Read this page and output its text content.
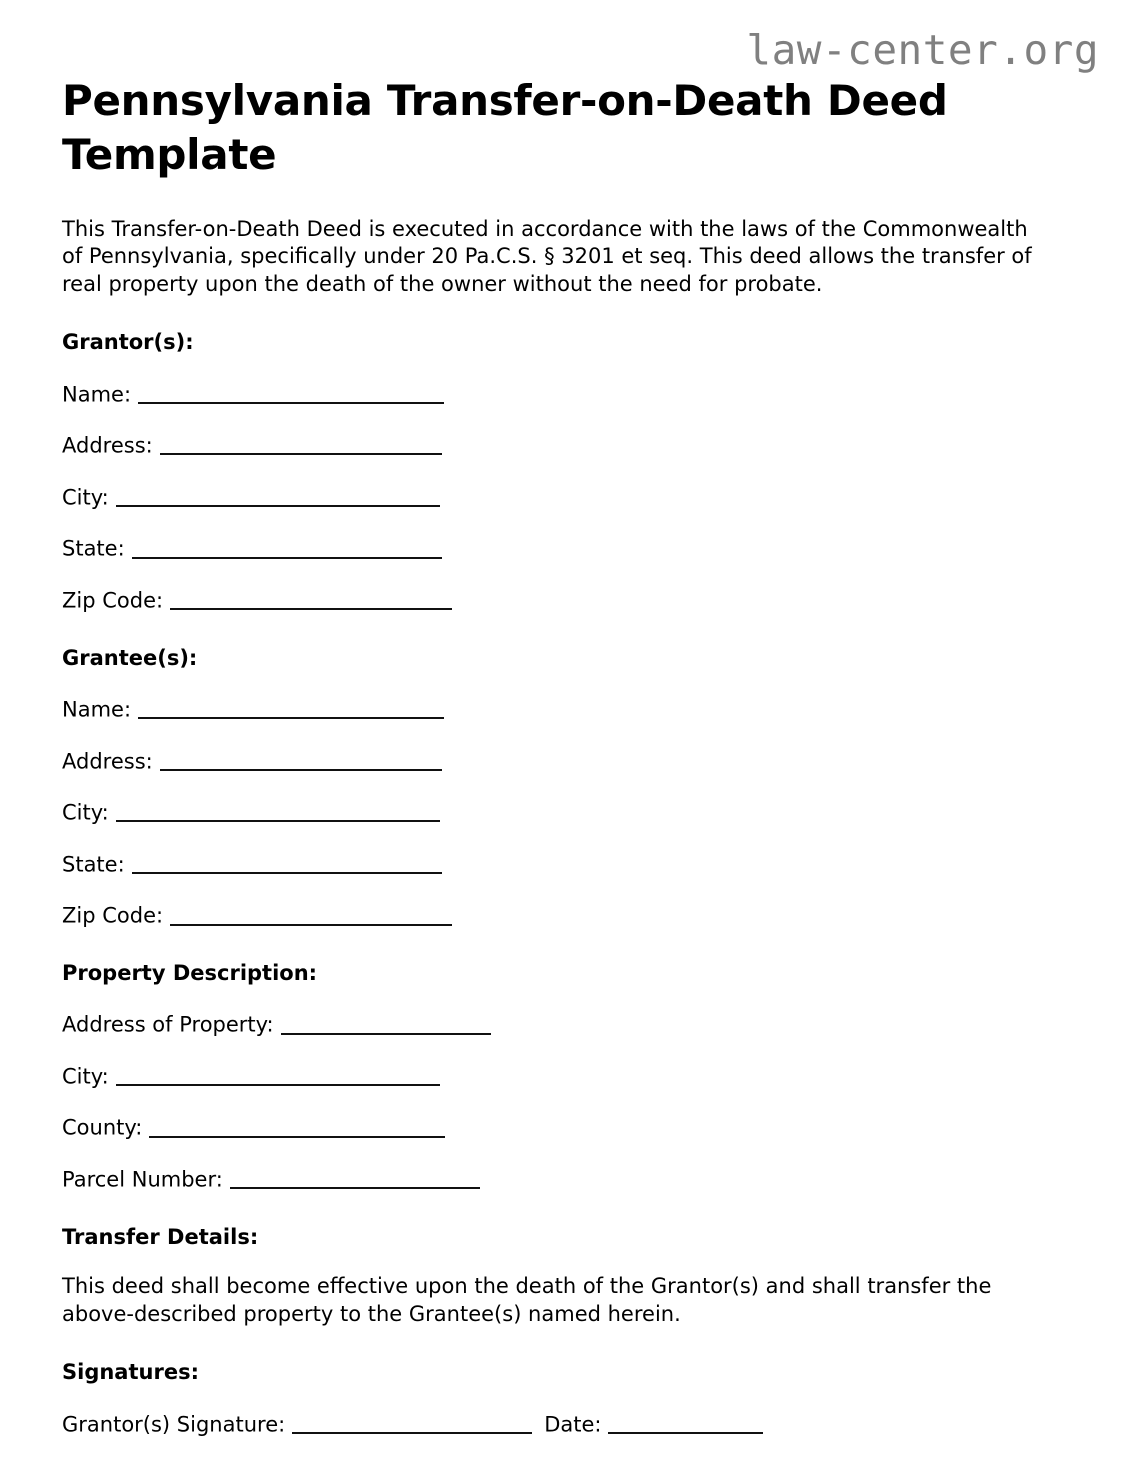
law-center.org
Pennsylvania Transfer-on-Death Deed Template

This Transfer-on-Death Deed is executed in accordance with the laws of the Commonwealth of Pennsylvania, specifically under 20 Pa.C.S. § 3201 et seq. This deed allows the transfer of real property upon the death of the owner without the need for probate.

Grantor(s):
Name:
Address:
City:
State:
Zip Code:
Grantee(s):
Name:
Address:
City:
State:
Zip Code:
Property Description:
Address of Property:
City:
County:
Parcel Number:
Transfer Details:

This deed shall become effective upon the death of the Grantor(s) and shall transfer the above-described property to the Grantee(s) named herein.

Signatures:
Grantor(s) Signature:	Date:
